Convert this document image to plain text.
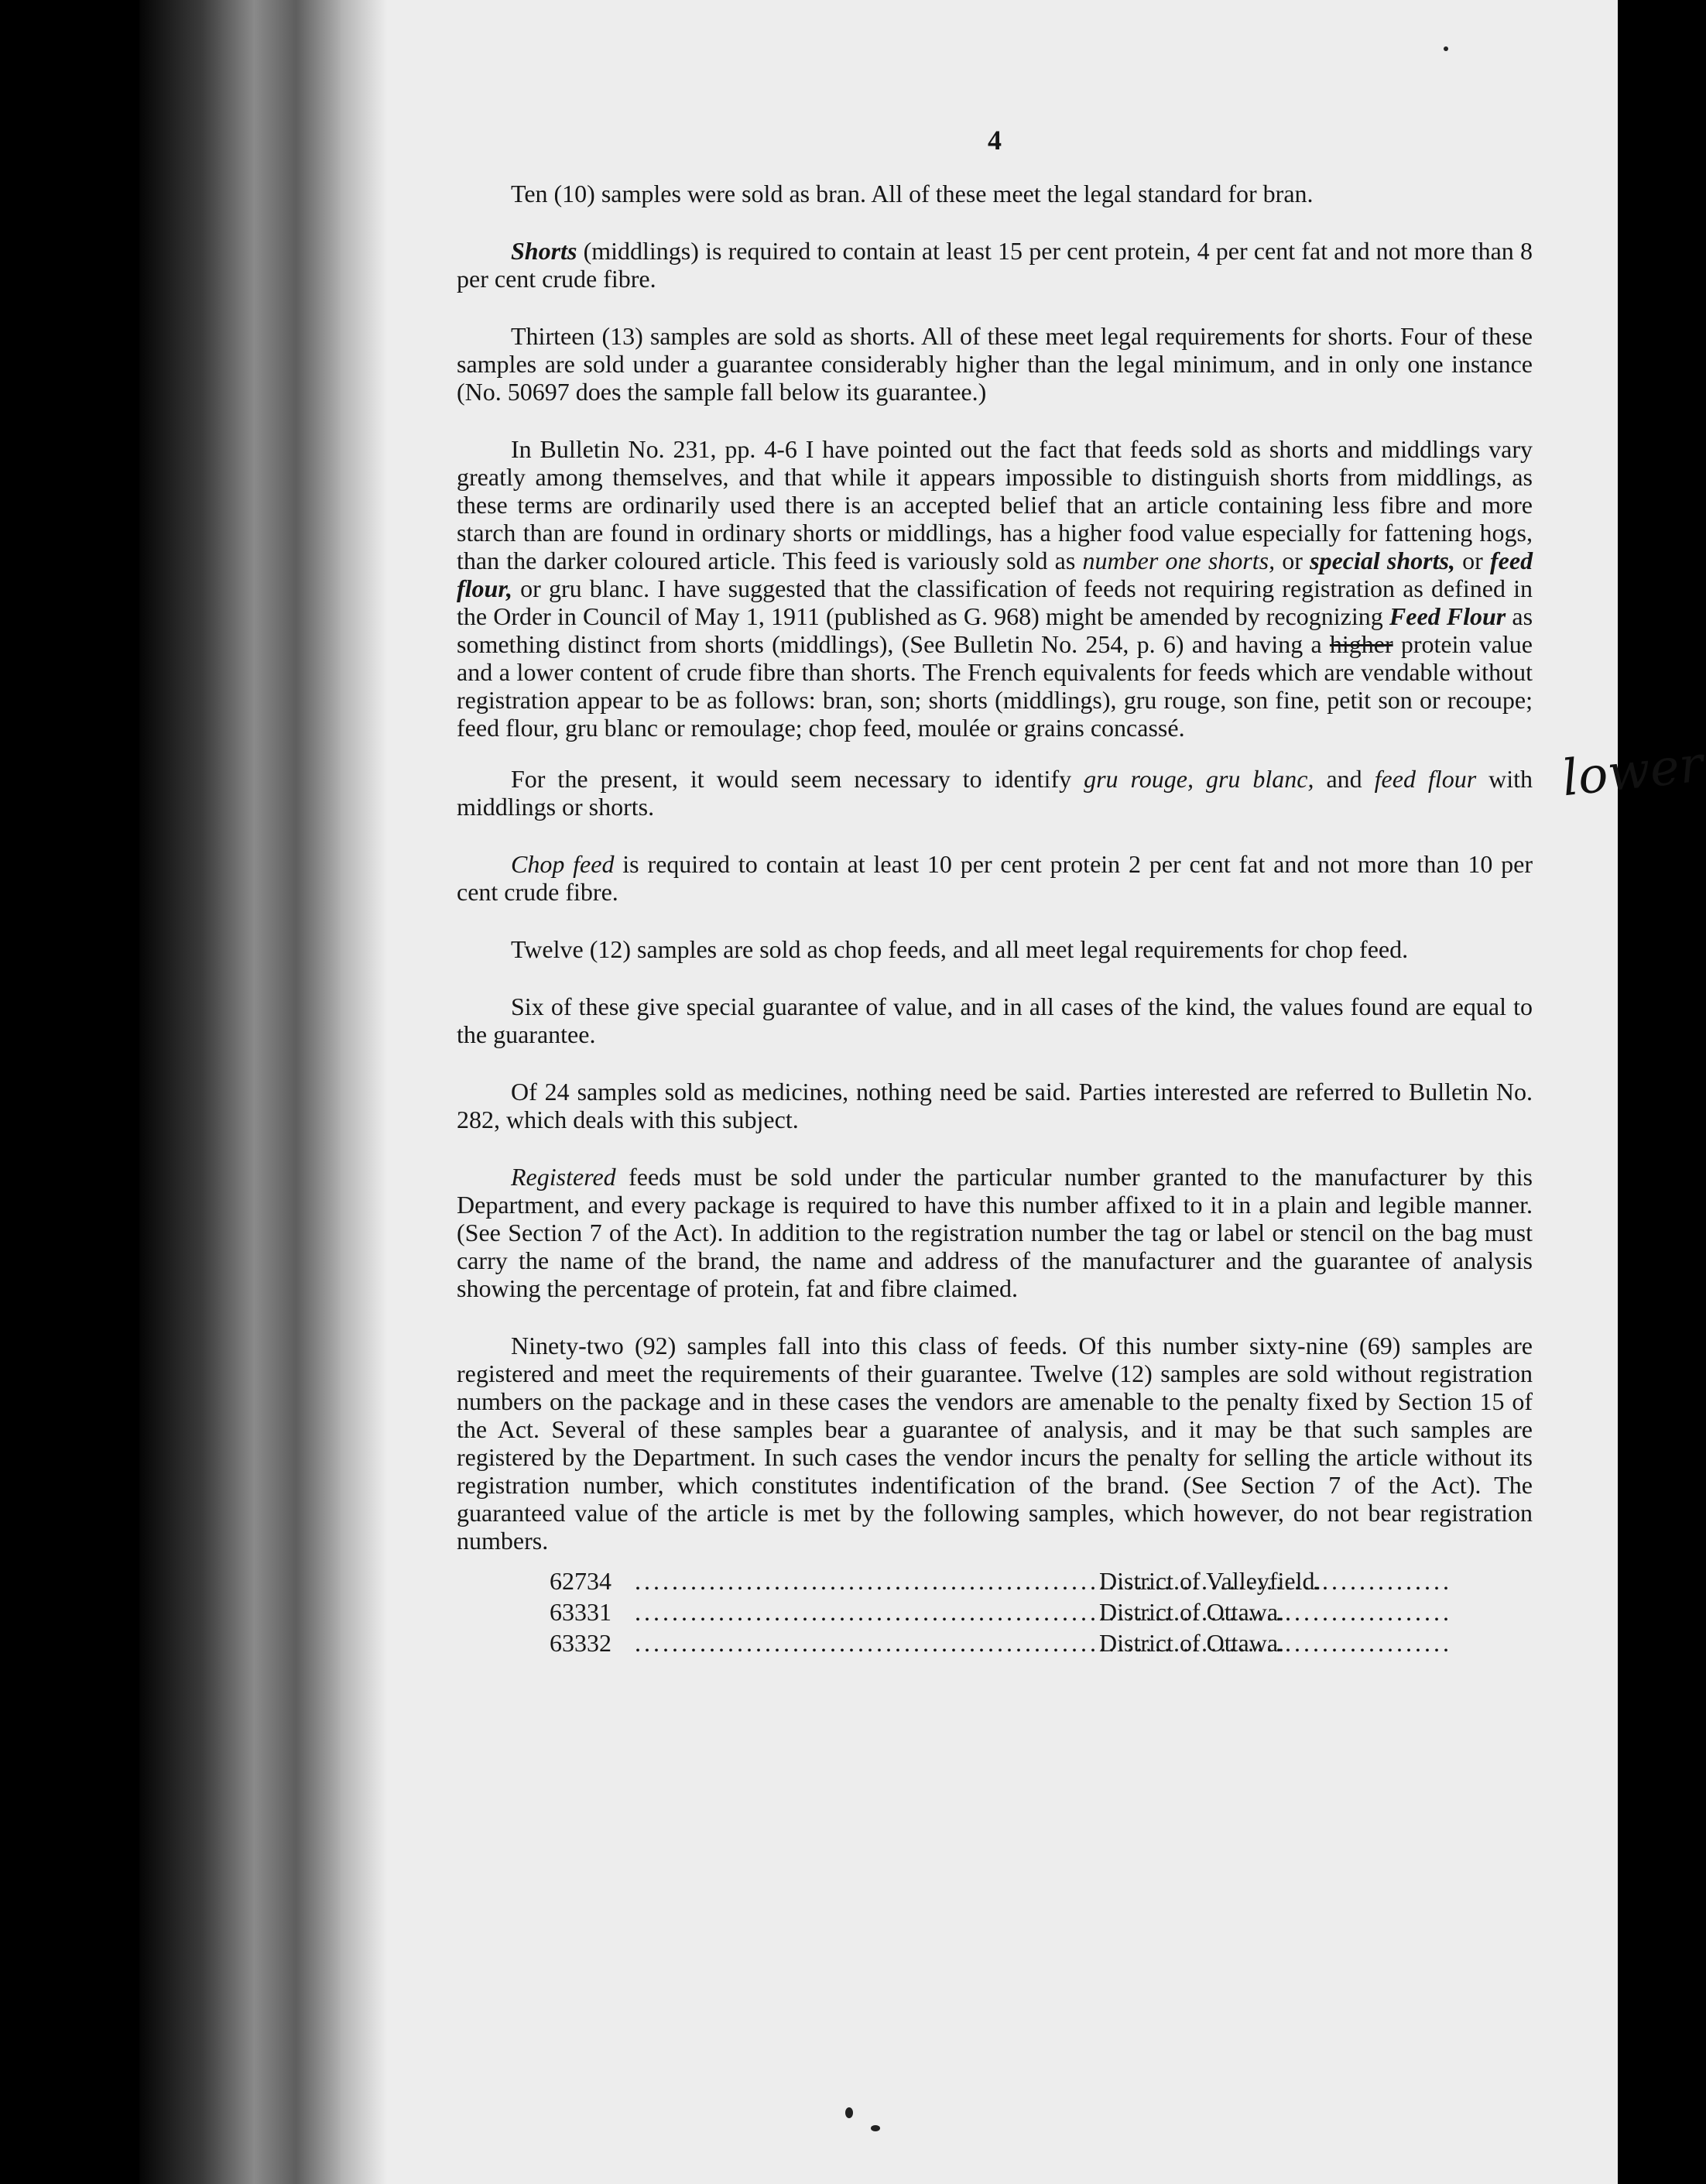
4

Ten (10) samples were sold as bran. All of these meet the legal standard for bran.

Shorts (middlings) is required to contain at least 15 per cent protein, 4 per cent fat and not more than 8 per cent crude fibre.

Thirteen (13) samples are sold as shorts. All of these meet legal requirements for shorts. Four of these samples are sold under a guarantee considerably higher than the legal minimum, and in only one instance (No. 50697 does the sample fall below its guarantee.)

In Bulletin No. 231, pp. 4-6 I have pointed out the fact that feeds sold as shorts and middlings vary greatly among themselves, and that while it appears impossible to distinguish shorts from middlings, as these terms are ordinarily used there is an accepted belief that an article containing less fibre and more starch than are found in ordinary shorts or middlings, has a higher food value especially for fattening hogs, than the darker coloured article. This feed is variously sold as number one shorts, or special shorts, or feed flour, or gru blanc. I have suggested that the classification of feeds not requiring registration as defined in the Order in Council of May 1, 1911 (published as G. 968) might be amended by recognizing Feed Flour as something distinct from shorts (middlings), (See Bulletin No. 254, p. 6) and having a higher protein value and a lower content of crude fibre than shorts. The French equivalents for feeds which are vendable without registration appear to be as follows: bran, son; shorts (middlings), gru rouge, son fine, petit son or recoupe; feed flour, gru blanc or remoulage; chop feed, moulée or grains concassé.

For the present, it would seem necessary to identify gru rouge, gru blanc, and feed flour with middlings or shorts.

Chop feed is required to contain at least 10 per cent protein 2 per cent fat and not more than 10 per cent crude fibre.

Twelve (12) samples are sold as chop feeds, and all meet legal requirements for chop feed.

Six of these give special guarantee of value, and in all cases of the kind, the values found are equal to the guarantee.

Of 24 samples sold as medicines, nothing need be said. Parties interested are referred to Bulletin No. 282, which deals with this subject.

Registered feeds must be sold under the particular number granted to the manufacturer by this Department, and every package is required to have this number affixed to it in a plain and legible manner. (See Section 7 of the Act). In addition to the registration number the tag or label or stencil on the bag must carry the name of the brand, the name and address of the manufacturer and the guarantee of analysis showing the percentage of protein, fat and fibre claimed.

Ninety-two (92) samples fall into this class of feeds. Of this number sixty-nine (69) samples are registered and meet the requirements of their guarantee. Twelve (12) samples are sold without registration numbers on the package and in these cases the vendors are amenable to the penalty fixed by Section 15 of the Act. Several of these samples bear a guarantee of analysis, and it may be that such samples are registered by the Department. In such cases the vendor incurs the penalty for selling the article without its registration number, which constitutes indentification of the brand. (See Section 7 of the Act). The guaranteed value of the article is met by the following samples, which however, do not bear registration numbers.

62734 .....	District of Valleyfield.
63331 .....	District of Ottawa.
63332 .....	District of Ottawa.
lower
